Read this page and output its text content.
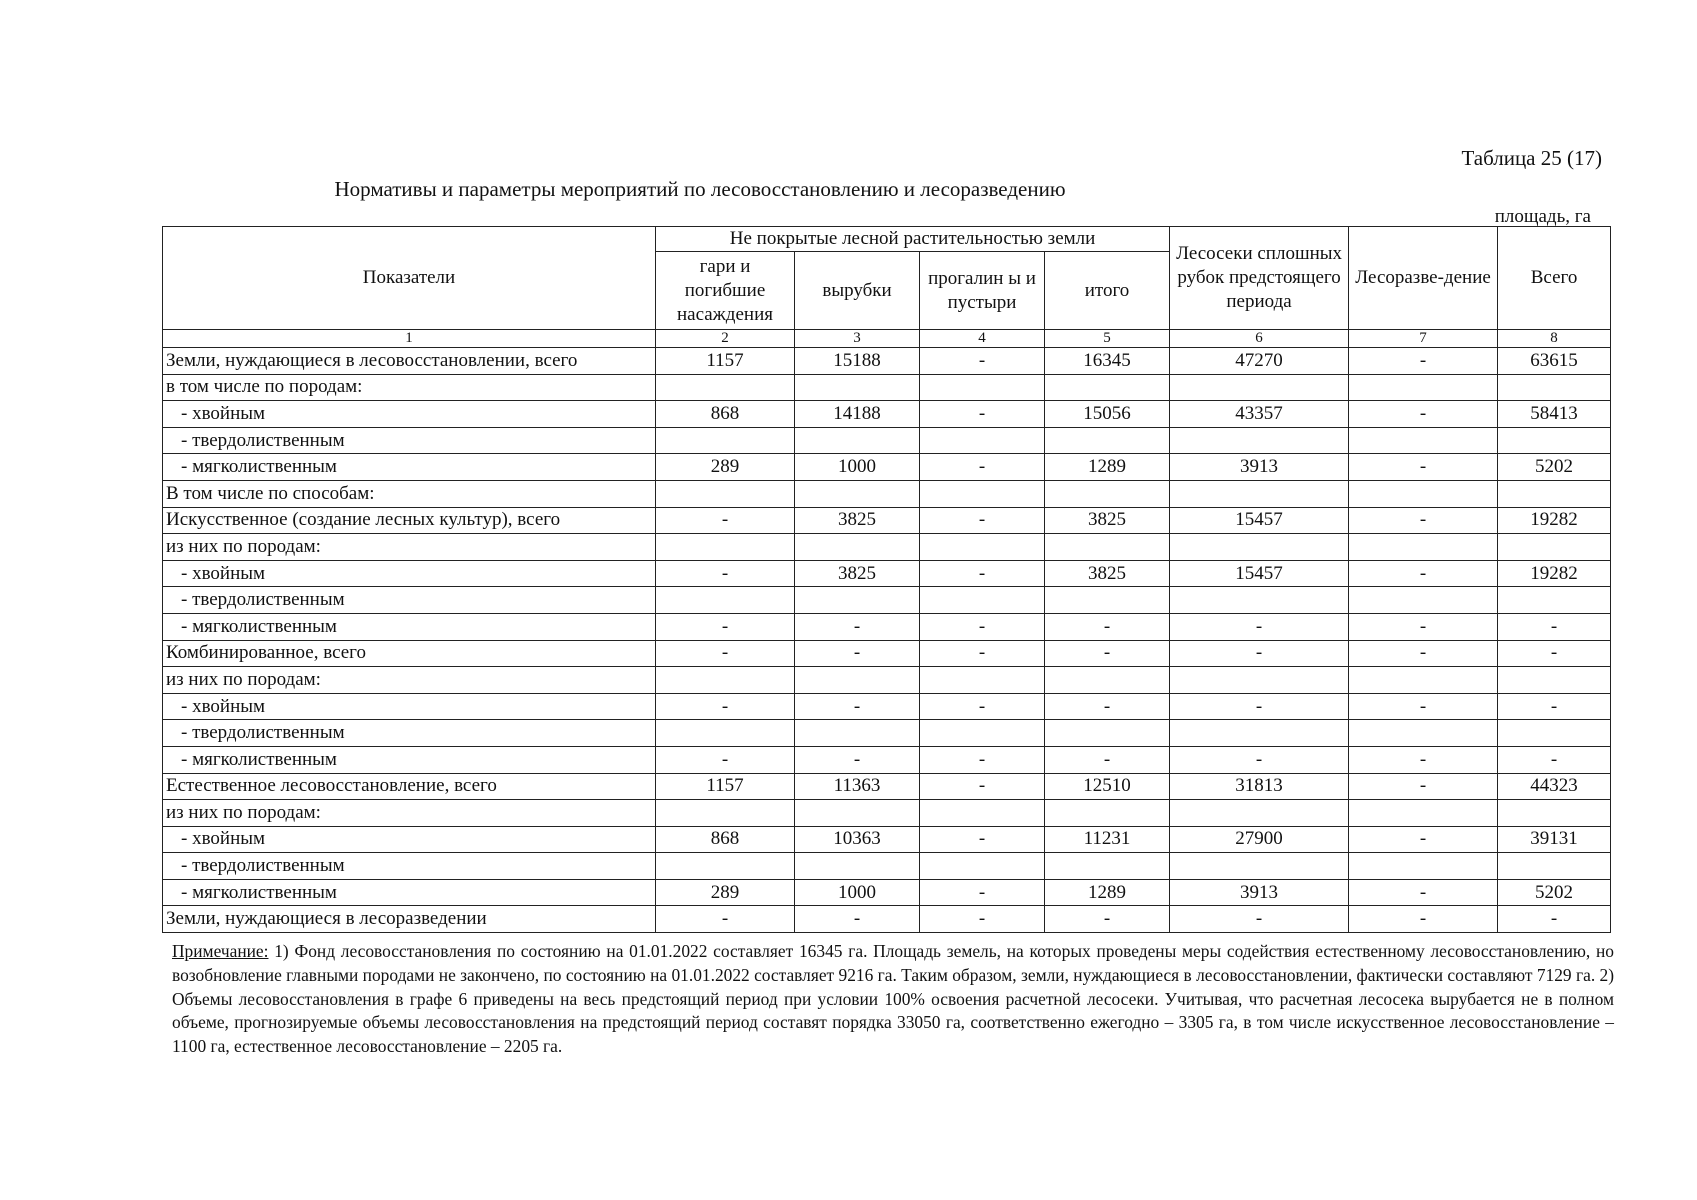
Таблица 25 (17)
Нормативы и параметры мероприятий по лесовосстановлению и лесоразведению
площадь, га
Показатели	Не покрытые лесной растительностью земли				Лесосеки сплошных рубок предстоящего периода	Лесоразве-дение	Всего
	гари и погибшие насаждения	вырубки	прогалин ы и пустыри	итого			
1	2	3	4	5	6	7	8
Земли, нуждающиеся в лесовосстановлении, всего	1157	15188	-	16345	47270	-	63615
в том числе по породам:							
- хвойным	868	14188	-	15056	43357	-	58413
- твердолиственным							
- мягколиственным	289	1000	-	1289	3913	-	5202
В том числе по способам:							
Искусственное (создание лесных культур), всего	-	3825	-	3825	15457	-	19282
из них по породам:							
- хвойным	-	3825	-	3825	15457	-	19282
- твердолиственным							
- мягколиственным	-	-	-	-	-	-	-
Комбинированное, всего	-	-	-	-	-	-	-
из них по породам:							
- хвойным	-	-	-	-	-	-	-
- твердолиственным							
- мягколиственным	-	-	-	-	-	-	-
Естественное лесовосстановление, всего	1157	11363	-	12510	31813	-	44323
из них по породам:							
- хвойным	868	10363	-	11231	27900	-	39131
- твердолиственным							
- мягколиственным	289	1000	-	1289	3913	-	5202
Земли, нуждающиеся в лесоразведении	-	-	-	-	-	-	-
Примечание: 1) Фонд лесовосстановления по состоянию на 01.01.2022 составляет 16345 га. Площадь земель, на которых проведены меры содействия естественному лесовосстановлению, но возобновление главными породами не закончено, по состоянию на 01.01.2022 составляет 9216 га. Таким образом, земли, нуждающиеся в лесовосстановлении, фактически составляют 7129 га. 2) Объемы лесовосстановления в графе 6 приведены на весь предстоящий период при условии 100% освоения расчетной лесосеки. Учитывая, что расчетная лесосека вырубается не в полном объеме, прогнозируемые объемы лесовосстановления на предстоящий период составят порядка 33050 га, соответственно ежегодно – 3305 га, в том числе искусственное лесовосстановление – 1100 га, естественное лесовосстановление – 2205 га.
